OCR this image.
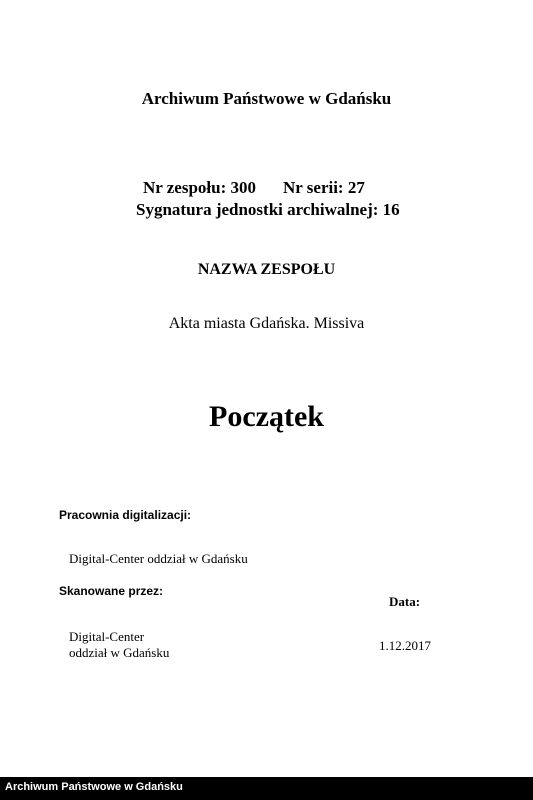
Archiwum Państwowe w Gdańsku
Nr zespołu: 300 Nr serii: 27
Sygnatura jednostki archiwalnej: 16
NAZWA ZESPOŁU
Akta miasta Gdańska. Missiva
Początek
Pracownia digitalizacji:
Digital-Center oddział w Gdańsku
Skanowane przez:
Data:
Digital-Center
oddział w Gdańsku	1.12.2017
Archiwum Państwowe w Gdańsku
